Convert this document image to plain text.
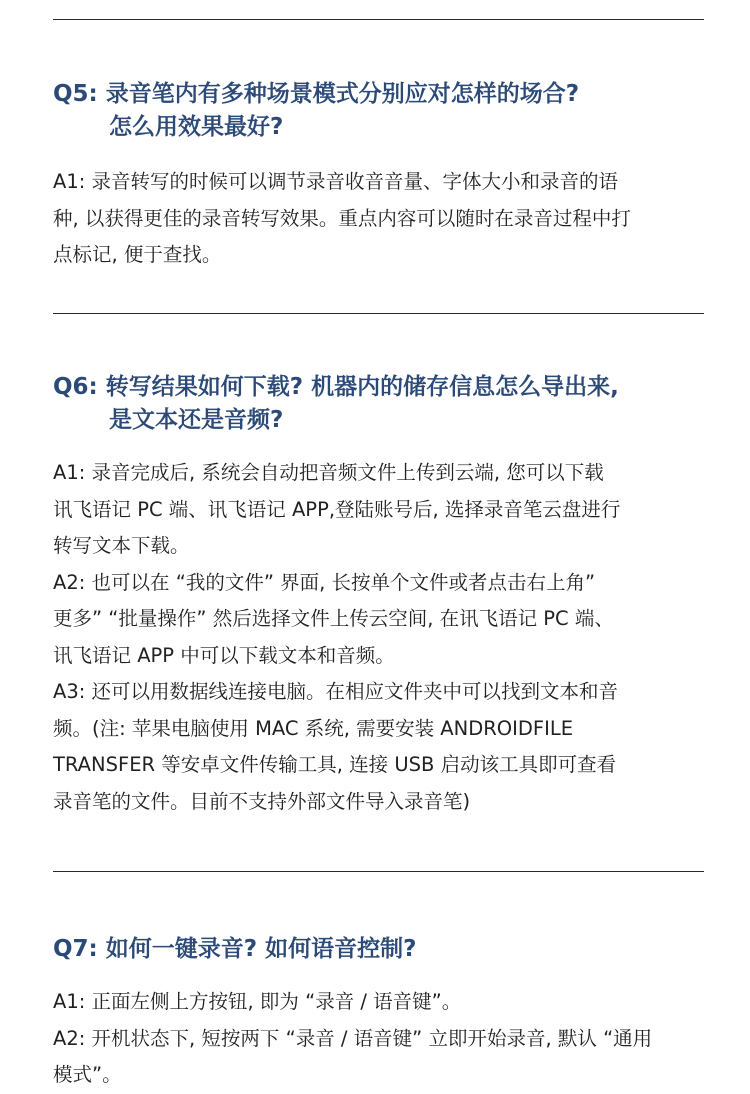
Q5: 录音笔内有多种场景模式分别应对怎样的场合?
怎么用效果最好?
A1: 录音转写的时候可以调节录音收音音量、字体大小和录音的语
种, 以获得更佳的录音转写效果。重点内容可以随时在录音过程中打
点标记, 便于查找。
Q6: 转写结果如何下载? 机器内的储存信息怎么导出来,
是文本还是音频?
A1: 录音完成后, 系统会自动把音频文件上传到云端, 您可以下载
讯飞语记 PC 端、讯飞语记 APP,登陆账号后, 选择录音笔云盘进行
转写文本下载。
A2: 也可以在 “我的文件” 界面, 长按单个文件或者点击右上角”
更多” “批量操作” 然后选择文件上传云空间, 在讯飞语记 PC 端、
讯飞语记 APP 中可以下载文本和音频。
A3: 还可以用数据线连接电脑。在相应文件夹中可以找到文本和音
频。(注: 苹果电脑使用 MAC 系统, 需要安装 ANDROIDFILE
TRANSFER 等安卓文件传输工具, 连接 USB 启动该工具即可查看
录音笔的文件。目前不支持外部文件导入录音笔)
Q7: 如何一键录音? 如何语音控制?
A1: 正面左侧上方按钮, 即为 “录音 / 语音键”。
A2: 开机状态下, 短按两下 “录音 / 语音键” 立即开始录音, 默认 “通用
模式”。
